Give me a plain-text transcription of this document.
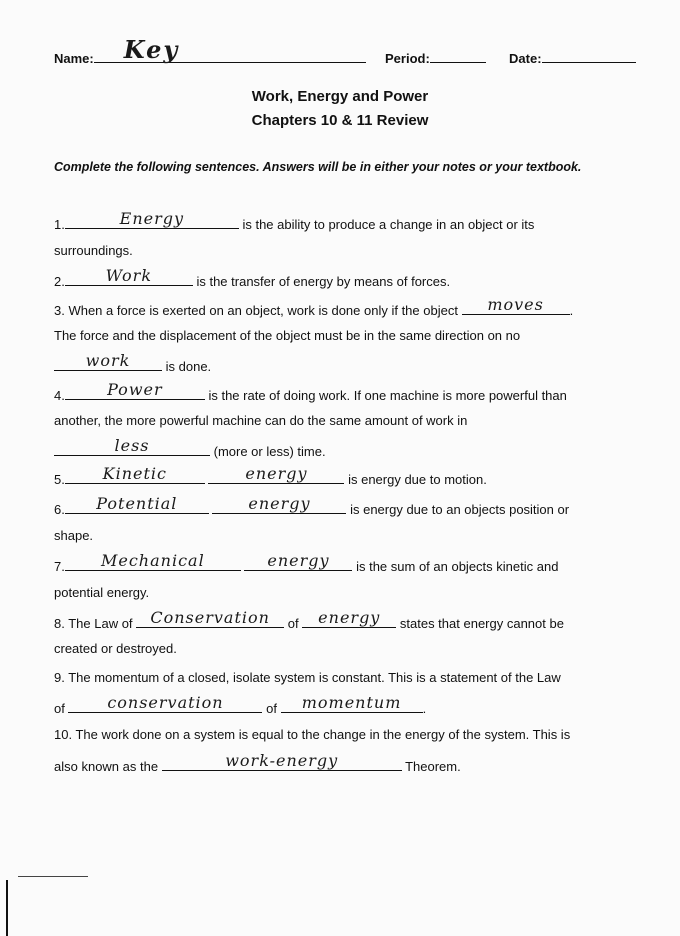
Name: Key	Period:	Date:
Work, Energy and Power
Chapters 10 & 11 Review
Complete the following sentences. Answers will be in either your notes or your textbook.
1.	Energy	is the ability to produce a change in an object or its
surroundings.
2.	Work	is the transfer of energy by means of forces.
3. When a force is exerted on an object, work is done only if the object	moves	.
The force and the displacement of the object must be in the same direction on no
work	is done.
4.	Power	is the rate of doing work. If one machine is more powerful than
another, the more powerful machine can do the same amount of work in
less	(more or less) time.
5.	Kinetic
	energy	is energy due to motion.
6.	Potential
	energy	is energy due to an objects position or
shape.
7.	Mechanical
	energy	is the sum of an objects kinetic and
potential energy.
8. The Law of	Conservation	of	energy	states that energy cannot be
created or destroyed.
9. The momentum of a closed, isolate system is constant. This is a statement of the Law
of	conservation	of	momentum	.
10. The work done on a system is equal to the change in the energy of the system. This is
also known as the	work-energy	Theorem.
